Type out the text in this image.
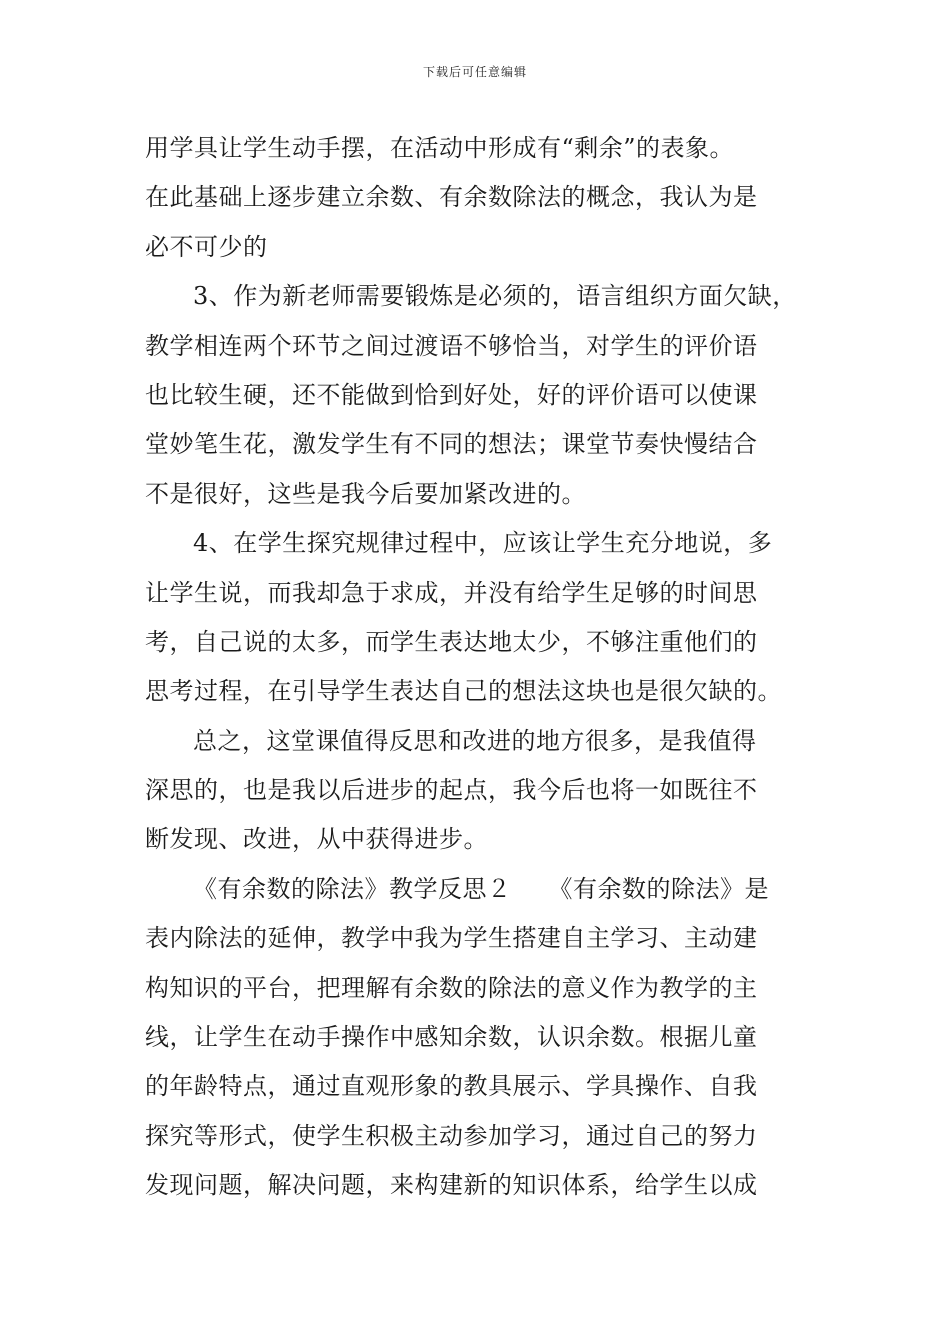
下载后可任意编辑
用学具让学生动手摆，在活动中形成有“剩余”的表象。
在此基础上逐步建立余数、有余数除法的概念，我认为是
必不可少的
3、作为新老师需要锻炼是必须的，语言组织方面欠缺，
教学相连两个环节之间过渡语不够恰当，对学生的评价语
也比较生硬，还不能做到恰到好处，好的评价语可以使课
堂妙笔生花，激发学生有不同的想法；课堂节奏快慢结合
不是很好，这些是我今后要加紧改进的。
4、在学生探究规律过程中，应该让学生充分地说，多
让学生说，而我却急于求成，并没有给学生足够的时间思
考，自己说的太多，而学生表达地太少，不够注重他们的
思考过程，在引导学生表达自己的想法这块也是很欠缺的。
总之，这堂课值得反思和改进的地方很多，是我值得
深思的，也是我以后进步的起点，我今后也将一如既往不
断发现、改进，从中获得进步。
《有余数的除法》教学反思２　　《有余数的除法》是
表内除法的延伸，教学中我为学生搭建自主学习、主动建
构知识的平台，把理解有余数的除法的意义作为教学的主
线，让学生在动手操作中感知余数，认识余数。根据儿童
的年龄特点，通过直观形象的教具展示、学具操作、自我
探究等形式，使学生积极主动参加学习，通过自己的努力
发现问题，解决问题，来构建新的知识体系，给学生以成
